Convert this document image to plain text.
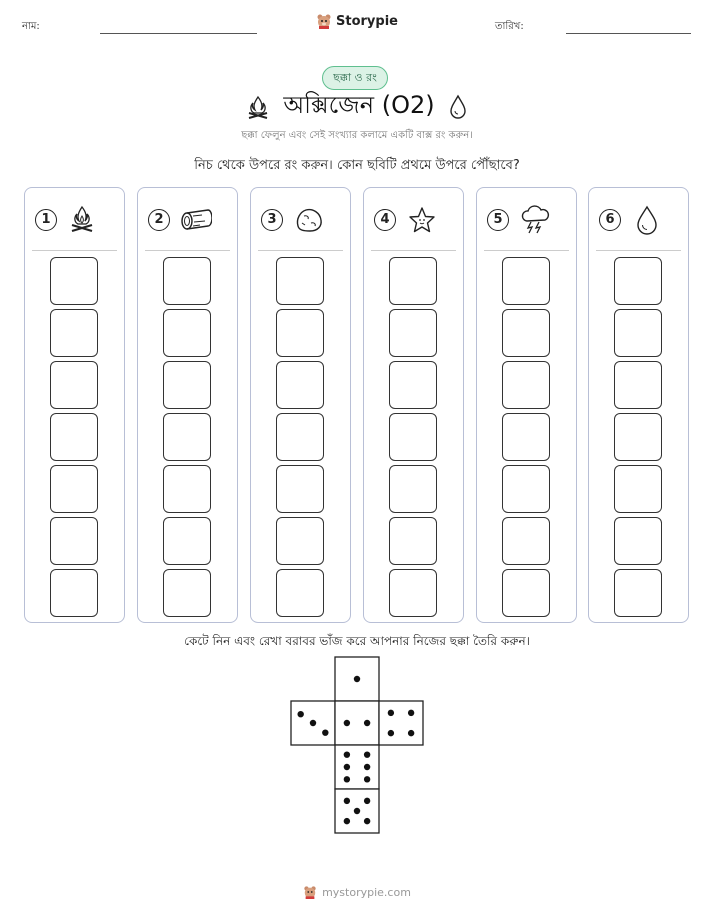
নাম:	Storypie	তারিখ:
ছক্কা ও রং
অক্সিজেন (O2)
ছক্কা ফেলুন এবং সেই সংখ্যার কলামে একটি বাক্স রং করুন।
নিচ থেকে উপরে রং করুন। কোন ছবিটি প্রথমে উপরে পৌঁছাবে?
1	2	3	4	5	6
কেটে নিন এবং রেখা বরাবর ভাঁজ করে আপনার নিজের ছক্কা তৈরি করুন।
mystorypie.com
